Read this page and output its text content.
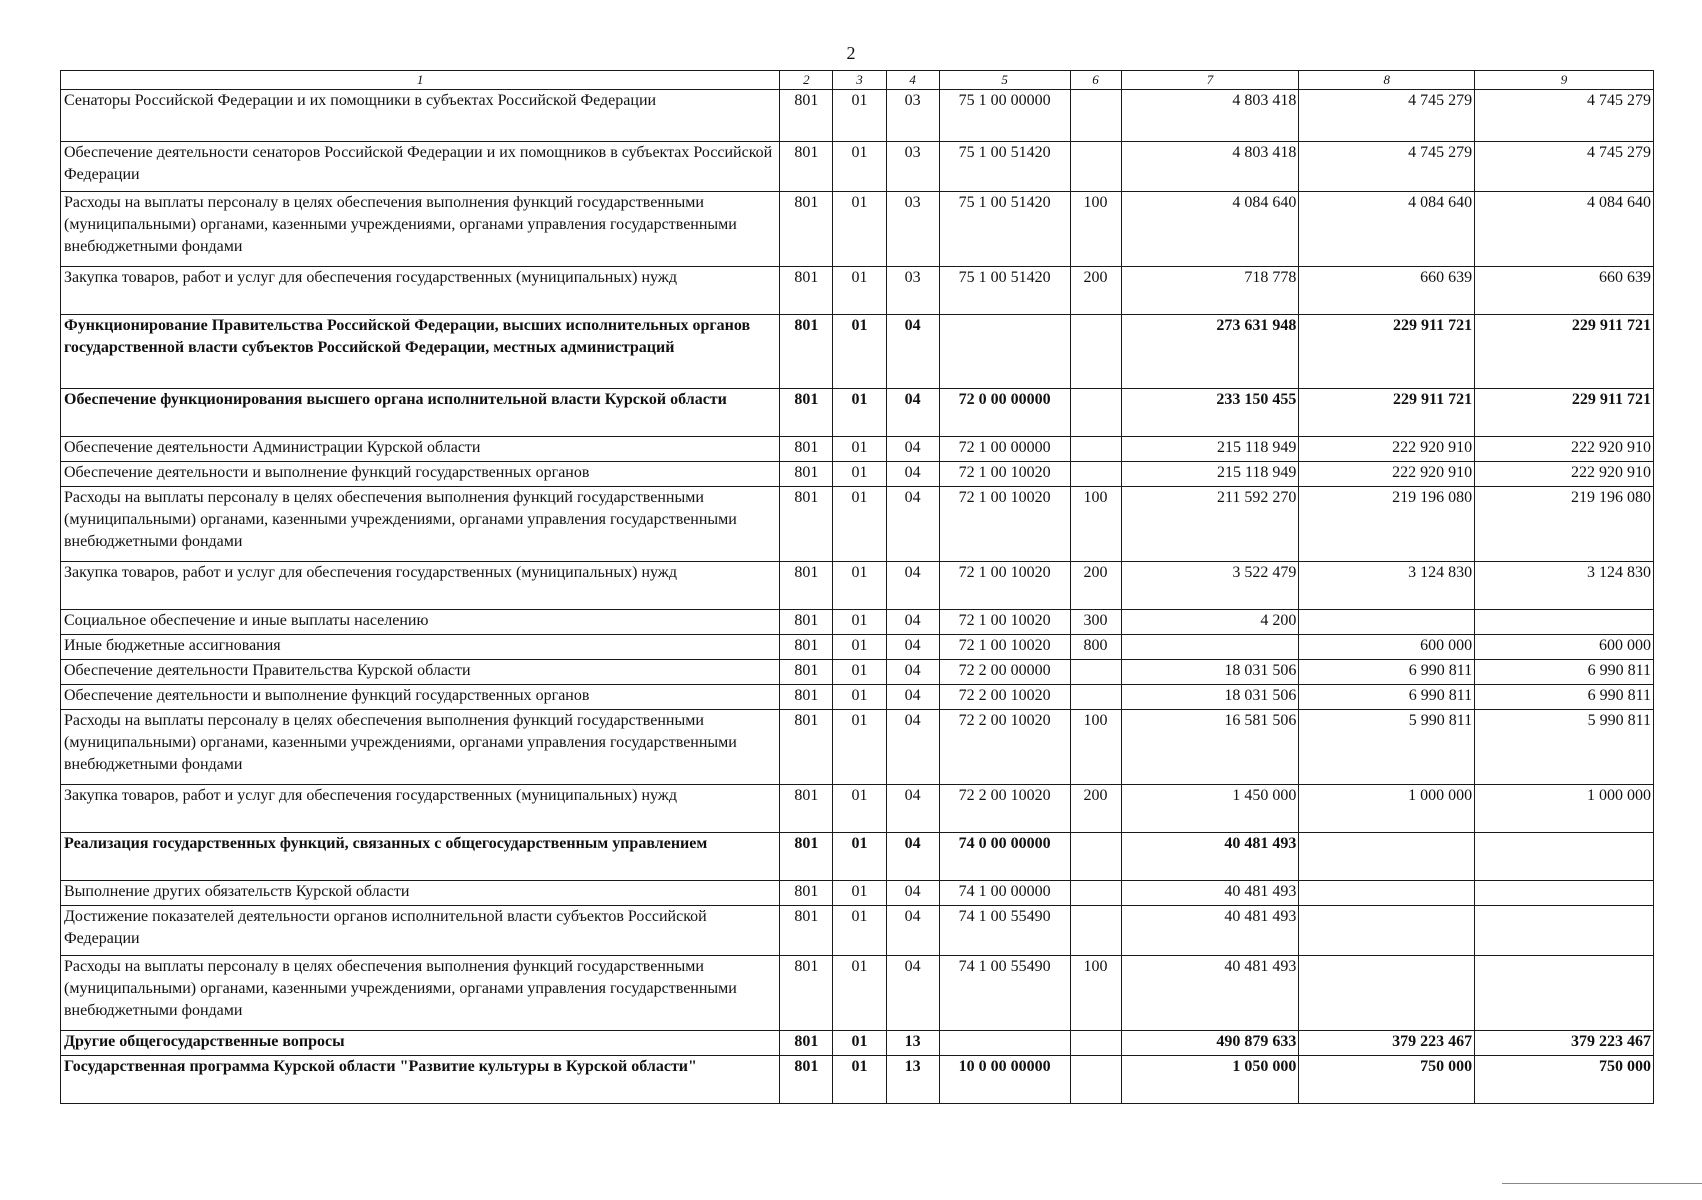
2
1	2	3	4	5	6	7	8	9
Сенаторы Российской Федерации и их помощники в субъектах Российской Федерации	801	01	03	75 1 00 00000		4 803 418	4 745 279	4 745 279
Обеспечение деятельности сенаторов Российской Федерации и их помощников в субъектах Российской Федерации	801	01	03	75 1 00 51420		4 803 418	4 745 279	4 745 279
Расходы на выплаты персоналу в целях обеспечения выполнения функций государственными (муниципальными) органами, казенными учреждениями, органами управления государственными внебюджетными фондами	801	01	03	75 1 00 51420	100	4 084 640	4 084 640	4 084 640
Закупка товаров, работ и услуг для обеспечения государственных (муниципальных) нужд	801	01	03	75 1 00 51420	200	718 778	660 639	660 639
Функционирование Правительства Российской Федерации, высших исполнительных органов государственной власти субъектов Российской Федерации, местных администраций	801	01	04			273 631 948	229 911 721	229 911 721
Обеспечение функционирования высшего органа исполнительной власти Курской области	801	01	04	72 0 00 00000		233 150 455	229 911 721	229 911 721
Обеспечение деятельности Администрации Курской области	801	01	04	72 1 00 00000		215 118 949	222 920 910	222 920 910
Обеспечение деятельности и выполнение функций государственных органов	801	01	04	72 1 00 10020		215 118 949	222 920 910	222 920 910
Расходы на выплаты персоналу в целях обеспечения выполнения функций государственными (муниципальными) органами, казенными учреждениями, органами управления государственными внебюджетными фондами	801	01	04	72 1 00 10020	100	211 592 270	219 196 080	219 196 080
Закупка товаров, работ и услуг для обеспечения государственных (муниципальных) нужд	801	01	04	72 1 00 10020	200	3 522 479	3 124 830	3 124 830
Социальное обеспечение и иные выплаты населению	801	01	04	72 1 00 10020	300	4 200		
Иные бюджетные ассигнования	801	01	04	72 1 00 10020	800		600 000	600 000
Обеспечение деятельности Правительства Курской области	801	01	04	72 2 00 00000		18 031 506	6 990 811	6 990 811
Обеспечение деятельности и выполнение функций государственных органов	801	01	04	72 2 00 10020		18 031 506	6 990 811	6 990 811
Расходы на выплаты персоналу в целях обеспечения выполнения функций государственными (муниципальными) органами, казенными учреждениями, органами управления государственными внебюджетными фондами	801	01	04	72 2 00 10020	100	16 581 506	5 990 811	5 990 811
Закупка товаров, работ и услуг для обеспечения государственных (муниципальных) нужд	801	01	04	72 2 00 10020	200	1 450 000	1 000 000	1 000 000
Реализация государственных функций, связанных с общегосударственным управлением	801	01	04	74 0 00 00000		40 481 493		
Выполнение других обязательств Курской области	801	01	04	74 1 00 00000		40 481 493		
Достижение показателей деятельности органов исполнительной власти субъектов Российской Федерации	801	01	04	74 1 00 55490		40 481 493		
Расходы на выплаты персоналу в целях обеспечения выполнения функций государственными (муниципальными) органами, казенными учреждениями, органами управления государственными внебюджетными фондами	801	01	04	74 1 00 55490	100	40 481 493		
Другие общегосударственные вопросы	801	01	13			490 879 633	379 223 467	379 223 467
Государственная программа Курской области "Развитие культуры в Курской области"	801	01	13	10 0 00 00000		1 050 000	750 000	750 000
